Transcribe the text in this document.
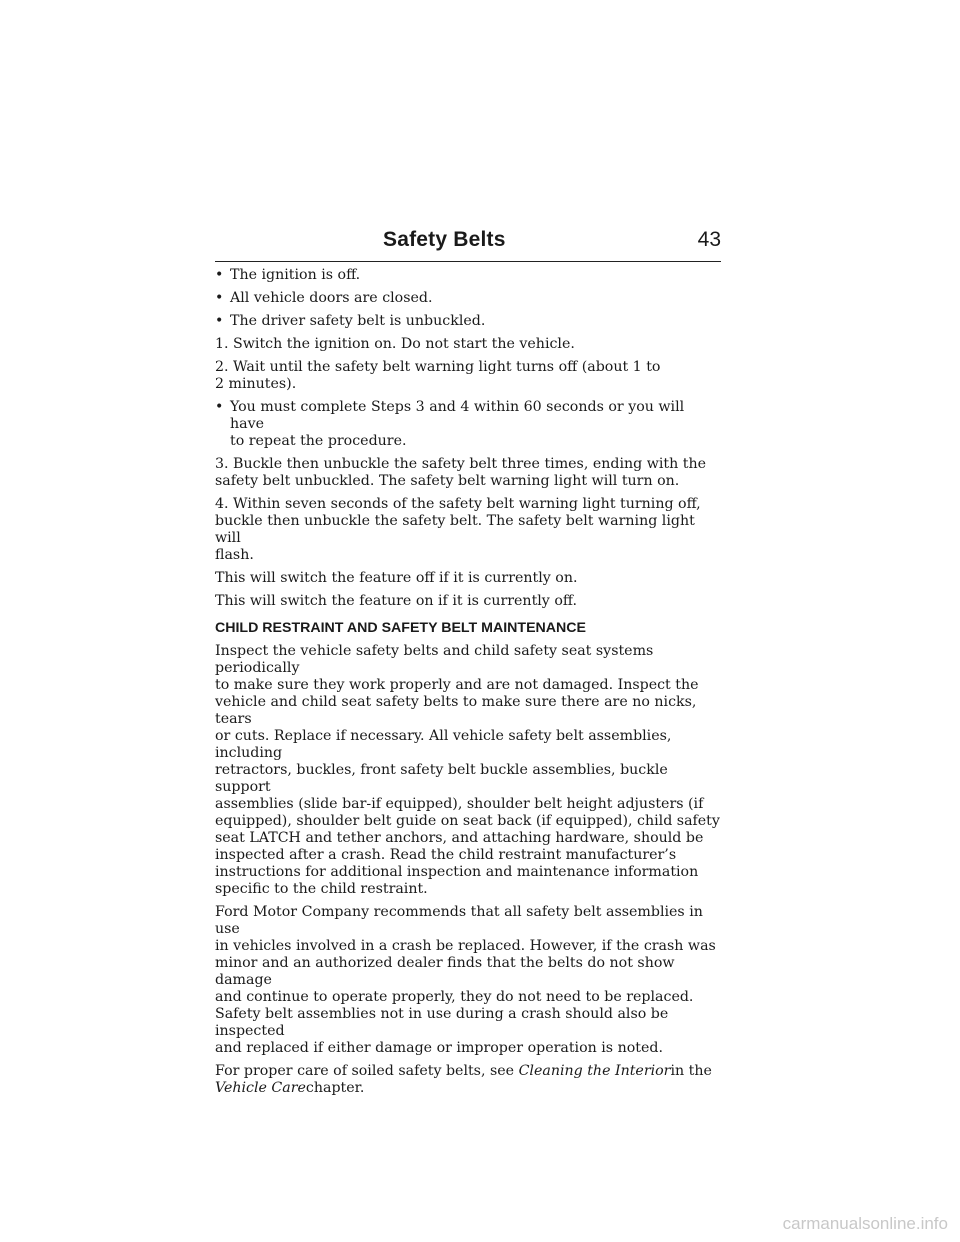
Safety Belts	43
• The ignition is off.
• All vehicle doors are closed.
• The driver safety belt is unbuckled.
1. Switch the ignition on. Do not start the vehicle.
2. Wait until the safety belt warning light turns off (about 1 to
2 minutes).
• You must complete Steps 3 and 4 within 60 seconds or you will have
to repeat the procedure.
3. Buckle then unbuckle the safety belt three times, ending with the
safety belt unbuckled. The safety belt warning light will turn on.
4. Within seven seconds of the safety belt warning light turning off,
buckle then unbuckle the safety belt. The safety belt warning light will
flash.
This will switch the feature off if it is currently on.
This will switch the feature on if it is currently off.
CHILD RESTRAINT AND SAFETY BELT MAINTENANCE
Inspect the vehicle safety belts and child safety seat systems periodically
to make sure they work properly and are not damaged. Inspect the
vehicle and child seat safety belts to make sure there are no nicks, tears
or cuts. Replace if necessary. All vehicle safety belt assemblies, including
retractors, buckles, front safety belt buckle assemblies, buckle support
assemblies (slide bar-if equipped), shoulder belt height adjusters (if
equipped), shoulder belt guide on seat back (if equipped), child safety
seat LATCH and tether anchors, and attaching hardware, should be
inspected after a crash. Read the child restraint manufacturer’s
instructions for additional inspection and maintenance information
specific to the child restraint.
Ford Motor Company recommends that all safety belt assemblies in use
in vehicles involved in a crash be replaced. However, if the crash was
minor and an authorized dealer finds that the belts do not show damage
and continue to operate properly, they do not need to be replaced.
Safety belt assemblies not in use during a crash should also be inspected
and replaced if either damage or improper operation is noted.
For proper care of soiled safety belts, see Cleaning the Interiorin the
Vehicle Carechapter.
carmanualsonline.info
